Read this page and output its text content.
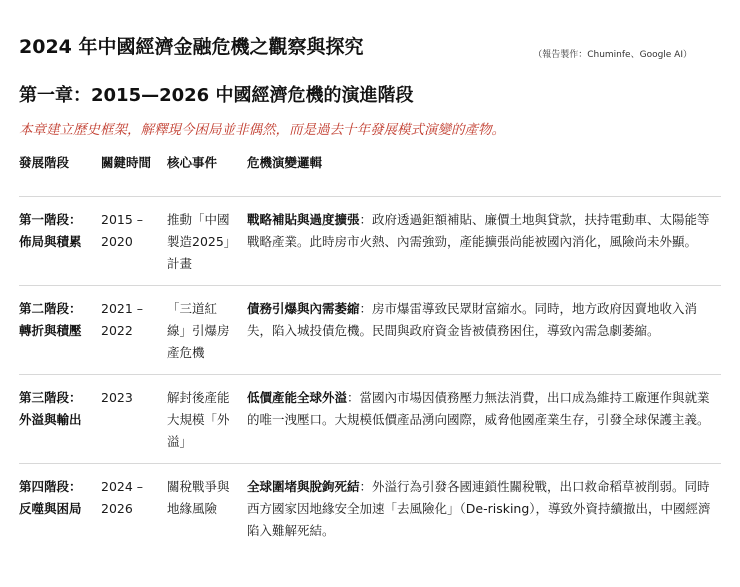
2024 年中國經濟金融危機之觀察與探究	（報告製作：Chuminfe、Google AI）
第一章：2015—2026 中國經濟危機的演進階段
本章建立歷史框架，解釋現今困局並非偶然，而是過去十年發展模式演變的產物。
發展階段	關鍵時間	核心事件	危機演變邏輯

第一階段：佈局與積累	2015 – 2020	推動「中國製造2025」計畫	戰略補貼與過度擴張：政府透過鉅額補貼、廉價土地與貸款，扶持電動車、太陽能等戰略產業。此時房市火熱、內需強勁，產能擴張尚能被國內消化，風險尚未外顯。

第二階段：轉折與積壓	2021 – 2022	「三道紅線」引爆房產危機	債務引爆與內需萎縮：房市爆雷導致民眾財富縮水。同時，地方政府因賣地收入消失，陷入城投債危機。民間與政府資金皆被債務困住，導致內需急劇萎縮。

第三階段：外溢與輸出	2023	解封後產能大規模「外溢」	低價產能全球外溢：當國內市場因債務壓力無法消費，出口成為維持工廠運作與就業的唯一洩壓口。大規模低價產品湧向國際，威脅他國產業生存，引發全球保護主義。

第四階段：反噬與困局	2024 – 2026	關稅戰爭與地緣風險	全球圍堵與脫鉤死結：外溢行為引發各國連鎖性關稅戰，出口救命稻草被削弱。同時西方國家因地緣安全加速「去風險化」（De-risking），導致外資持續撤出，中國經濟陷入難解死結。
